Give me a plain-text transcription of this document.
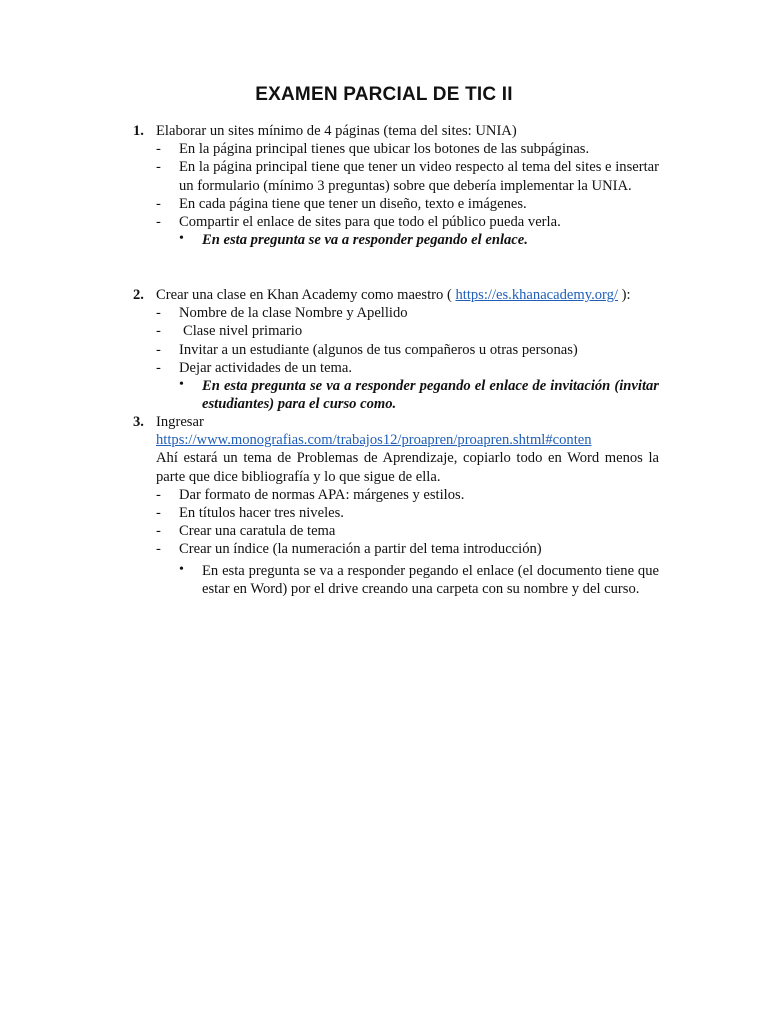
EXAMEN PARCIAL DE TIC II
1. Elaborar un sites mínimo de 4 páginas (tema del sites: UNIA)
- En la página principal tienes que ubicar los botones de las subpáginas.
- En la página principal tiene que tener un video respecto al tema del sites e insertar un formulario (mínimo 3 preguntas) sobre que debería implementar la UNIA.
- En cada página tiene que tener un diseño, texto e imágenes.
- Compartir el enlace de sites para que todo el público pueda verla.
• En esta pregunta se va a responder pegando el enlace.
2. Crear una clase en Khan Academy como maestro ( https://es.khanacademy.org/ ):
- Nombre de la clase Nombre y Apellido
- Clase nivel primario
- Invitar a un estudiante (algunos de tus compañeros u otras personas)
- Dejar actividades de un tema.
• En esta pregunta se va a responder pegando el enlace de invitación (invitar estudiantes) para el curso como.
3. Ingresar
https://www.monografias.com/trabajos12/proapren/proapren.shtml#conten
Ahí estará un tema de Problemas de Aprendizaje, copiarlo todo en Word menos la parte que dice bibliografía y lo que sigue de ella.
- Dar formato de normas APA: márgenes y estilos.
- En títulos hacer tres niveles.
- Crear una caratula de tema
- Crear un índice (la numeración a partir del tema introducción)
• En esta pregunta se va a responder pegando el enlace (el documento tiene que estar en Word) por el drive creando una carpeta con su nombre y del curso.
